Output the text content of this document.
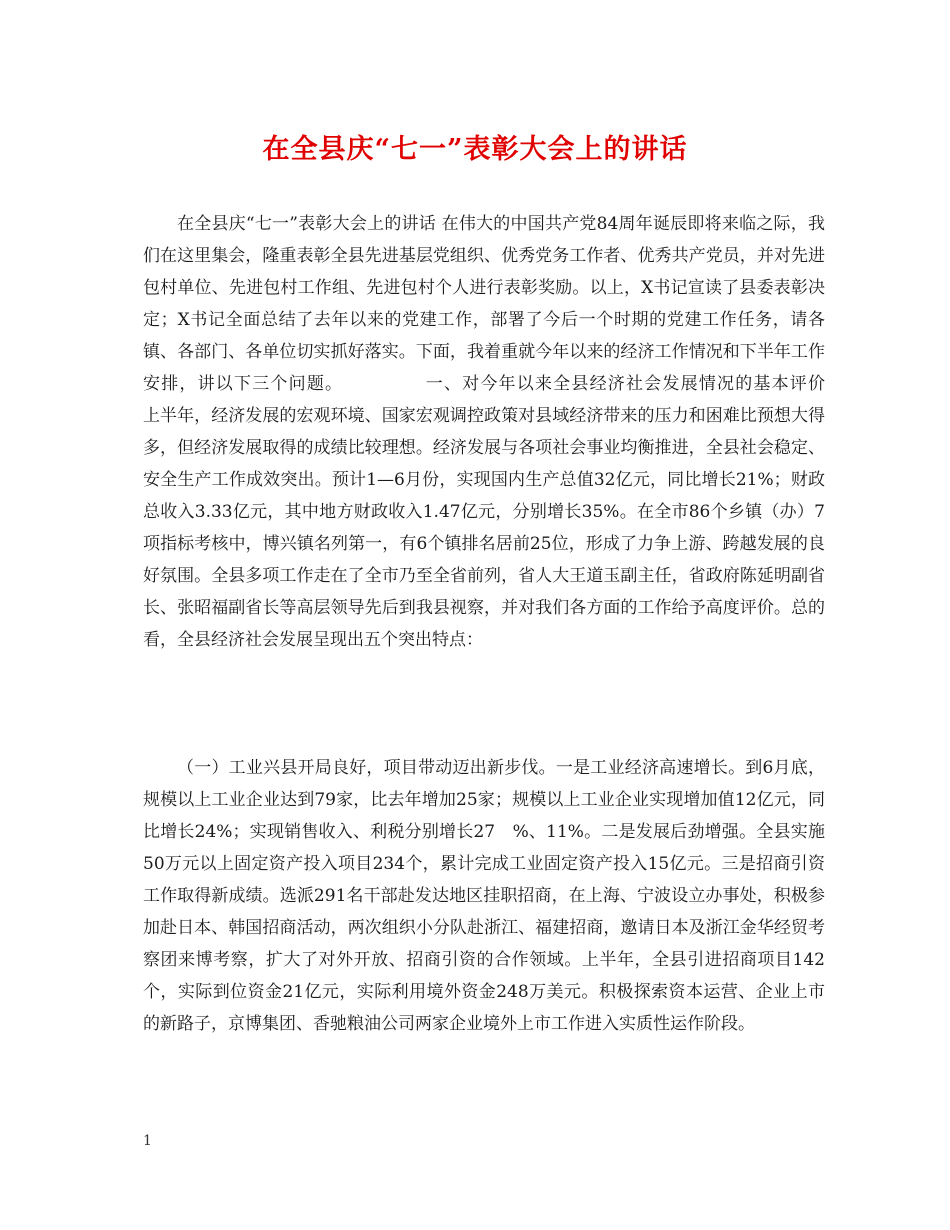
在全县庆“七一”表彰大会上的讲话

在全县庆“七一”表彰大会上的讲话 在伟大的中国共产党84周年诞辰即将来临之际，我们在这里集会，隆重表彰全县先进基层党组织、优秀党务工作者、优秀共产党员，并对先进包村单位、先进包村工作组、先进包村个人进行表彰奖励。以上，X书记宣读了县委表彰决定；X书记全面总结了去年以来的党建工作，部署了今后一个时期的党建工作任务，请各镇、各部门、各单位切实抓好落实。下面，我着重就今年以来的经济工作情况和下半年工作安排，讲以下三个问题。　　　　　一、对今年以来全县经济社会发展情况的基本评价　　　　　上半年，经济发展的宏观环境、国家宏观调控政策对县域经济带来的压力和困难比预想大得多，但经济发展取得的成绩比较理想。经济发展与各项社会事业均衡推进，全县社会稳定、安全生产工作成效突出。预计1—6月份，实现国内生产总值32亿元，同比增长21%；财政总收入3.33亿元，其中地方财政收入1.47亿元，分别增长35%。在全市86个乡镇（办）7项指标考核中，博兴镇名列第一，有6个镇排名居前25位，形成了力争上游、跨越发展的良好氛围。全县多项工作走在了全市乃至全省前列，省人大王道玉副主任，省政府陈延明副省长、张昭福副省长等高层领导先后到我县视察，并对我们各方面的工作给予高度评价。总的看，全县经济社会发展呈现出五个突出特点：

（一）工业兴县开局良好，项目带动迈出新步伐。一是工业经济高速增长。到6月底，规模以上工业企业达到79家，比去年增加25家；规模以上工业企业实现增加值12亿元，同比增长24%；实现销售收入、利税分别增长27　%、11%。二是发展后劲增强。全县实施50万元以上固定资产投入项目234个，累计完成工业固定资产投入15亿元。三是招商引资工作取得新成绩。选派291名干部赴发达地区挂职招商，在上海、宁波设立办事处，积极参加赴日本、韩国招商活动，两次组织小分队赴浙江、福建招商，邀请日本及浙江金华经贸考察团来博考察，扩大了对外开放、招商引资的合作领域。上半年，全县引进招商项目142个，实际到位资金21亿元，实际利用境外资金248万美元。积极探索资本运营、企业上市的新路子，京博集团、香驰粮油公司两家企业境外上市工作进入实质性运作阶段。

1
